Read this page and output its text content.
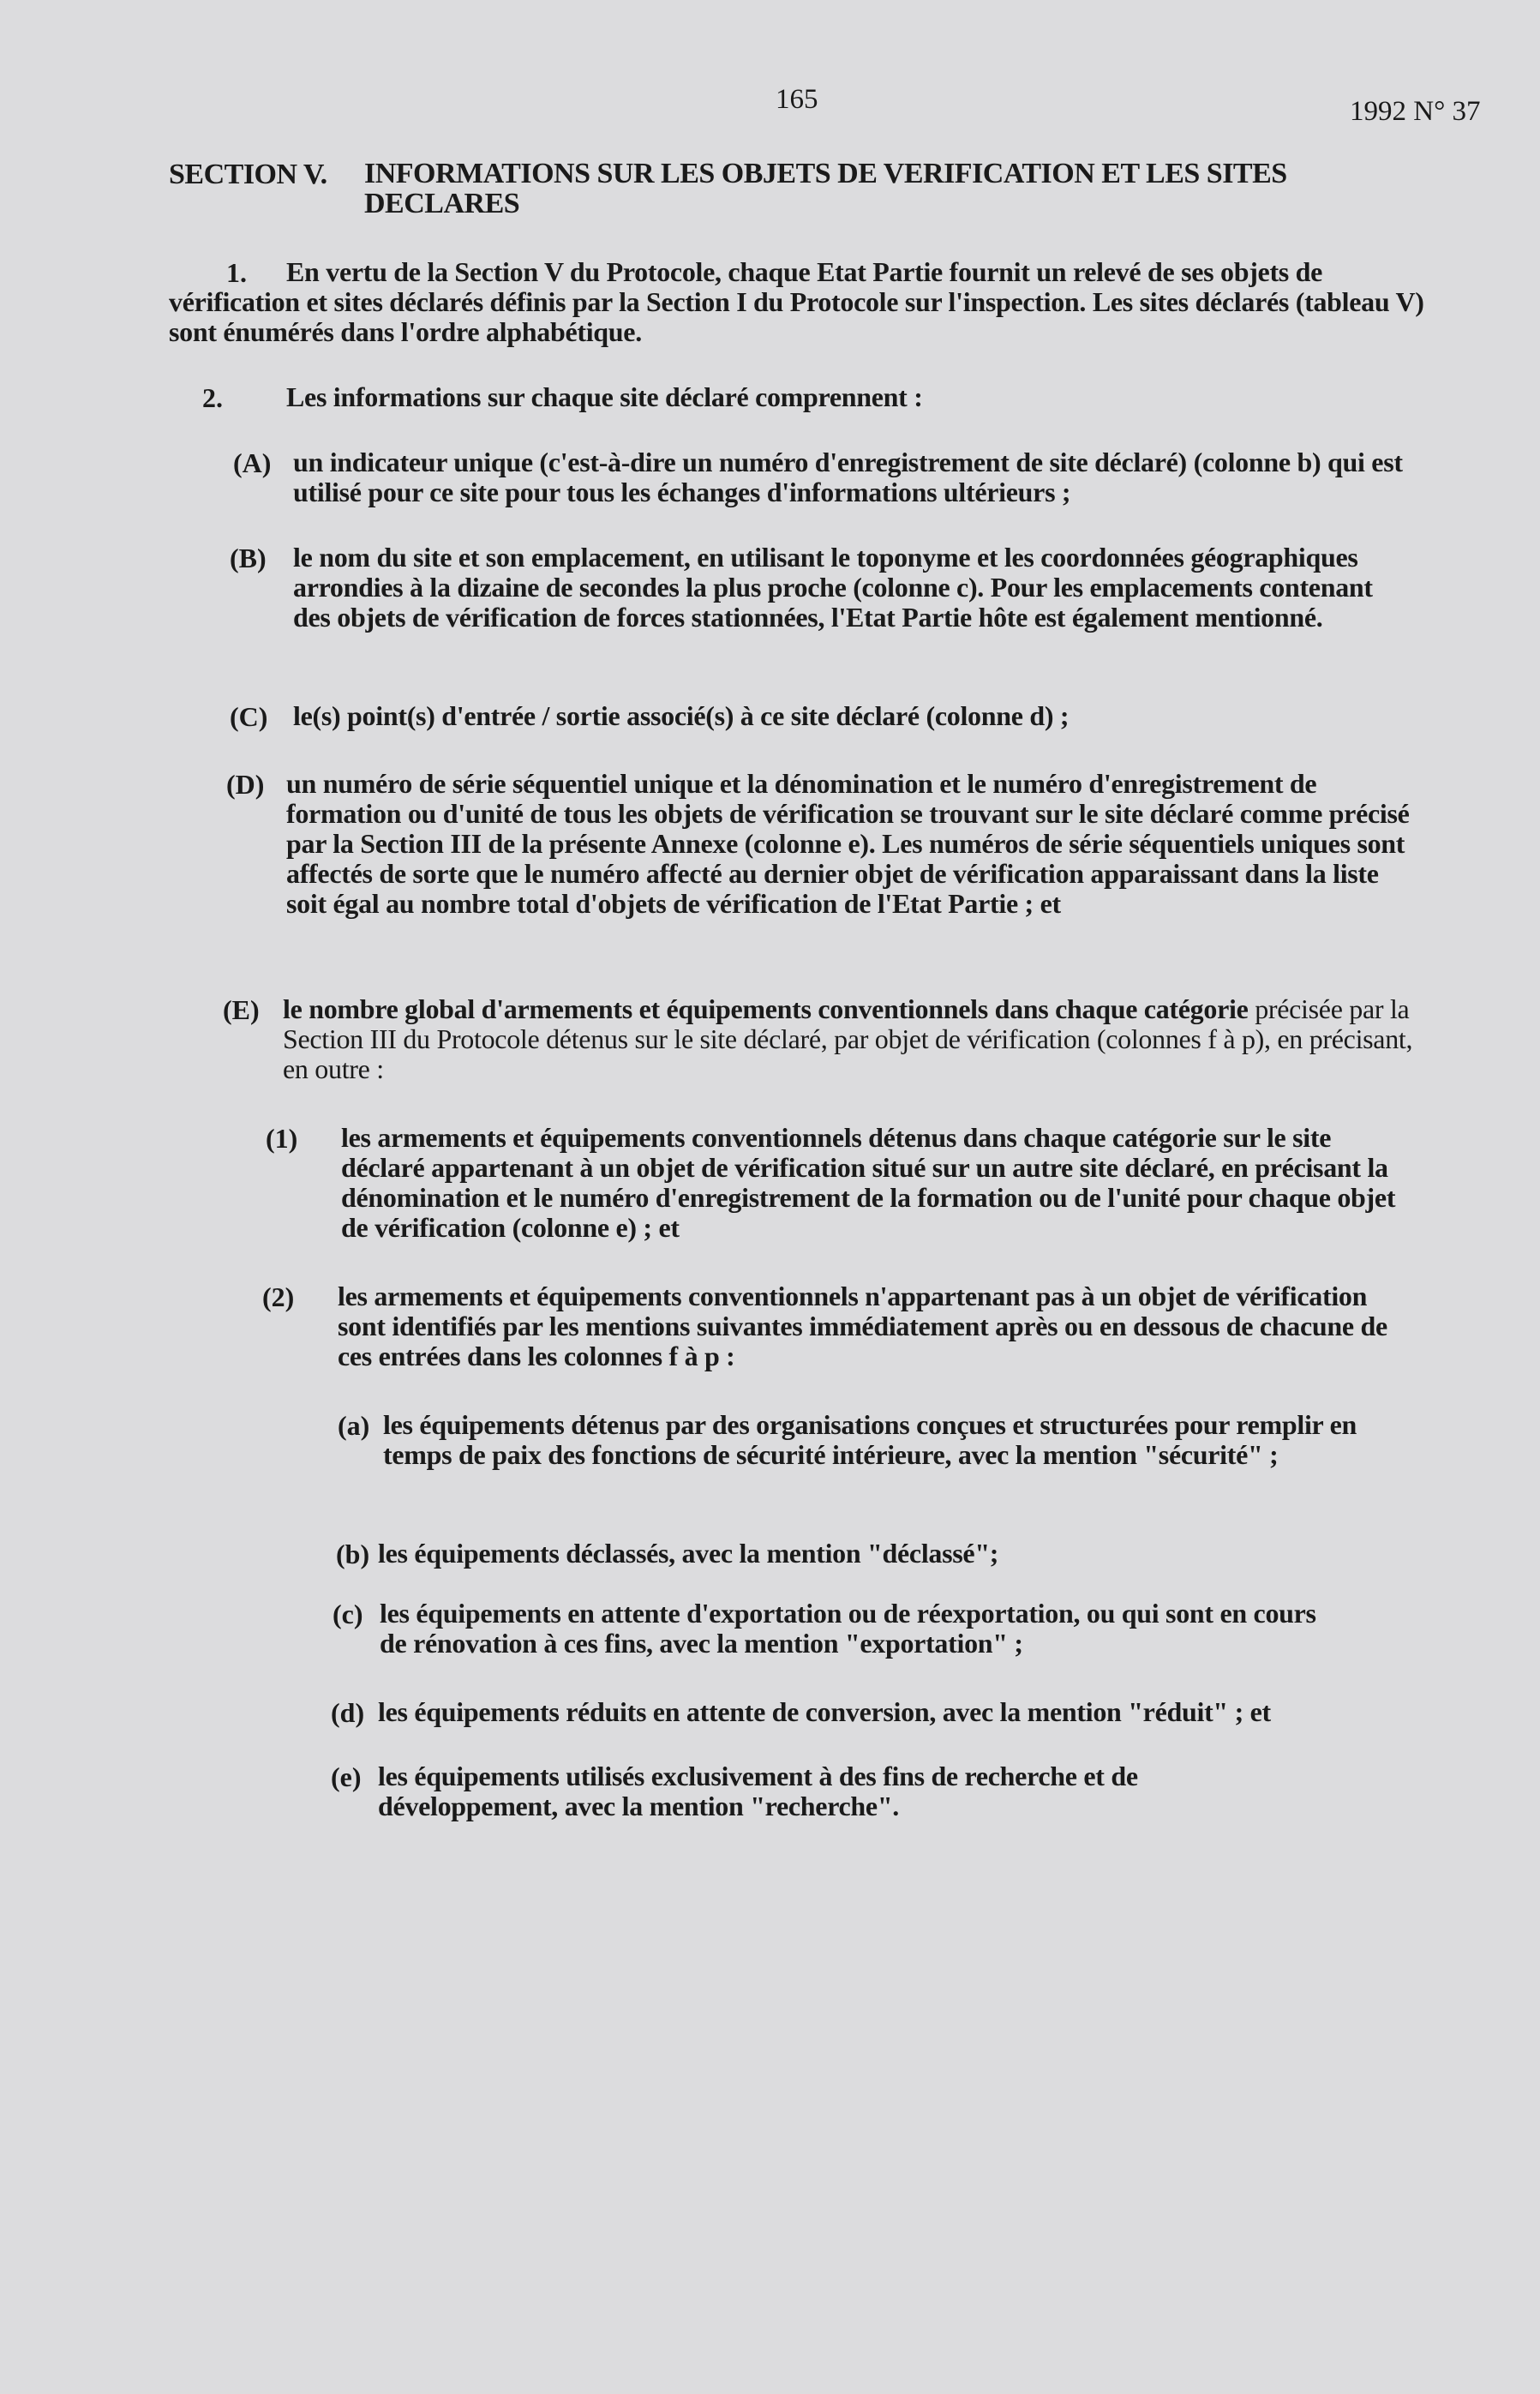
165	1992 N° 37
SECTION V. INFORMATIONS SUR LES OBJETS DE VERIFICATION ET LES SITES DECLARES
1.	En vertu de la Section V du Protocole, chaque Etat Partie fournit un relevé de ses objets de vérification et sites déclarés définis par la Section I du Protocole sur l'inspection. Les sites déclarés (tableau V) sont énumérés dans l'ordre alphabétique.
2. Les informations sur chaque site déclaré comprennent :
(A) un indicateur unique (c'est-à-dire un numéro d'enregistrement de site déclaré) (colonne b) qui est utilisé pour ce site pour tous les échanges d'informations ultérieurs ;
(B) le nom du site et son emplacement, en utilisant le toponyme et les coordonnées géographiques arrondies à la dizaine de secondes la plus proche (colonne c). Pour les emplacements contenant des objets de vérification de forces stationnées, l'Etat Partie hôte est également mentionné.
(C) le(s) point(s) d'entrée / sortie associé(s) à ce site déclaré (colonne d) ;
(D) un numéro de série séquentiel unique et la dénomination et le numéro d'enregistrement de formation ou d'unité de tous les objets de vérification se trouvant sur le site déclaré comme précisé par la Section III de la présente Annexe (colonne e). Les numéros de série séquentiels uniques sont affectés de sorte que le numéro affecté au dernier objet de vérification apparaissant dans la liste soit égal au nombre total d'objets de vérification de l'Etat Partie ; et
(E) le nombre global d'armements et équipements conventionnels dans chaque catégorie précisée par la Section III du Protocole détenus sur le site déclaré, par objet de vérification (colonnes f à p), en précisant, en outre :
(1) les armements et équipements conventionnels détenus dans chaque catégorie sur le site déclaré appartenant à un objet de vérification situé sur un autre site déclaré, en précisant la dénomination et le numéro d'enregistrement de la formation ou de l'unité pour chaque objet de vérification (colonne e) ; et
(2) les armements et équipements conventionnels n'appartenant pas à un objet de vérification sont identifiés par les mentions suivantes immédiatement après ou en dessous de chacune de ces entrées dans les colonnes f à p :
(a) les équipements détenus par des organisations conçues et structurées pour remplir en temps de paix des fonctions de sécurité intérieure, avec la mention "sécurité" ;
(b) les équipements déclassés, avec la mention "déclassé";
(c) les équipements en attente d'exportation ou de réexportation, ou qui sont en cours de rénovation à ces fins, avec la mention "exportation" ;
(d) les équipements réduits en attente de conversion, avec la mention "réduit" ; et
(e) les équipements utilisés exclusivement à des fins de recherche et de développement, avec la mention "recherche".
